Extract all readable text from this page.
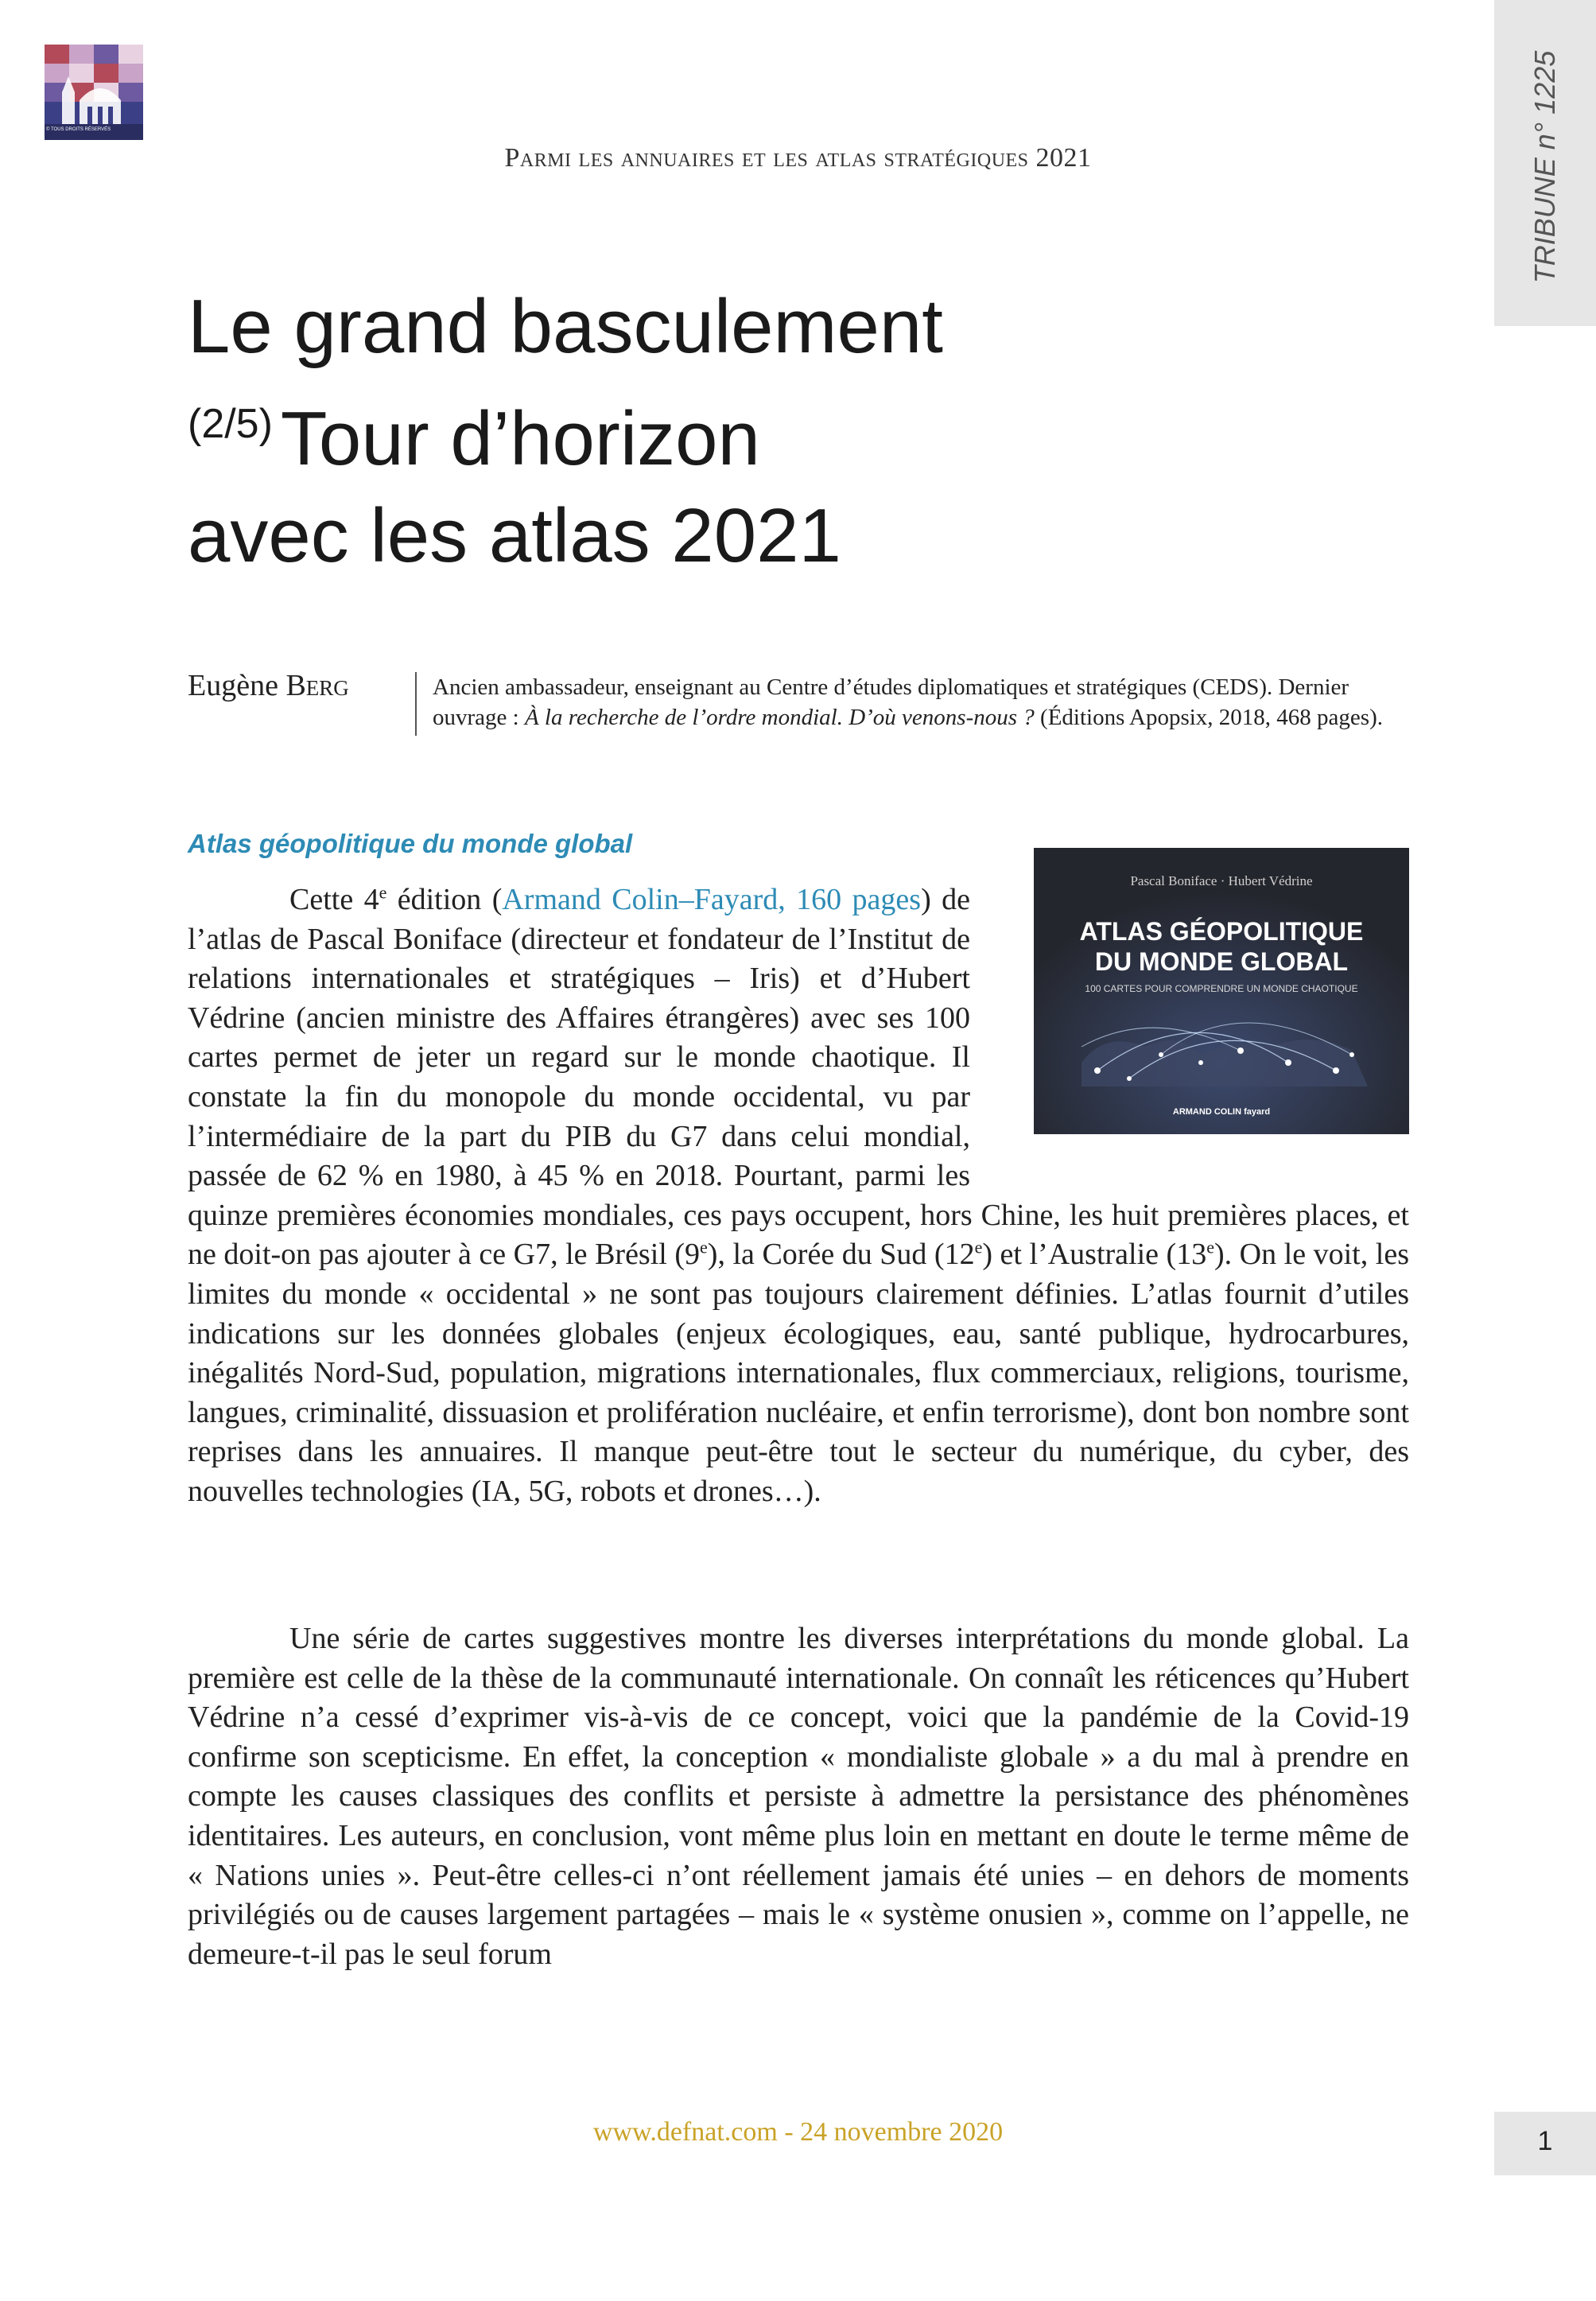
© TOUS DROITS RÉSERVÉS	TRIBUNE n° 1225
Parmi les annuaires et les atlas stratégiques 2021
Le grand basculement
$^{(2/5)}$ Tour d’horizon
avec les atlas 2021
Eugène Berg	Ancien ambassadeur, enseignant au Centre d’études diplomatiques et stratégiques (CEDS). Dernier ouvrage : À la recherche de l’ordre mondial. D’où venons-nous ? (Éditions Apopsix, 2018, 468 pages).
Atlas géopolitique du monde global
Pascal Boniface · Hubert Védrine
ATLAS GÉOPOLITIQUE
DU MONDE GLOBAL
100 CARTES POUR COMPRENDRE UN MONDE CHAOTIQUE
ARMAND COLIN fayard

Cette 4e édition (Armand Colin–Fayard, 160 pages) de l’atlas de Pascal Boniface (directeur et fondateur de l’Institut de relations internationales et stratégiques – Iris) et d’Hubert Védrine (ancien ministre des Affaires étrangères) avec ses 100 cartes permet de jeter un regard sur le monde chaotique. Il constate la fin du monopole du monde occidental, vu par l’intermédiaire de la part du PIB du G7 dans celui mondial, passée de 62 % en 1980, à 45 % en 2018. Pourtant, parmi les quinze premières économies mondiales, ces pays occupent, hors Chine, les huit premières places, et ne doit-on pas ajouter à ce G7, le Brésil (9e), la Corée du Sud (12e) et l’Australie (13e). On le voit, les limites du monde « occidental » ne sont pas toujours clairement définies. L’atlas fournit d’utiles indications sur les données globales (enjeux écologiques, eau, santé publique, hydrocarbures, inégalités Nord-Sud, population, migrations internationales, flux commerciaux, religions, tourisme, langues, criminalité, dissuasion et prolifération nucléaire, et enfin terrorisme), dont bon nombre sont reprises dans les annuaires. Il manque peut-être tout le secteur du numérique, du cyber, des nouvelles technologies (IA, 5G, robots et drones…).

Une série de cartes suggestives montre les diverses interprétations du monde global. La première est celle de la thèse de la communauté internationale. On connaît les réticences qu’Hubert Védrine n’a cessé d’exprimer vis-à-vis de ce concept, voici que la pandémie de la Covid-19 confirme son scepticisme. En effet, la conception « mondialiste globale » a du mal à prendre en compte les causes classiques des conflits et persiste à admettre la persistance des phénomènes identitaires. Les auteurs, en conclusion, vont même plus loin en mettant en doute le terme même de « Nations unies ». Peut-être celles-ci n’ont réellement jamais été unies – en dehors de moments privilégiés ou de causes largement partagées – mais le « système onusien », comme on l’appelle, ne demeure-t-il pas le seul forum

www.defnat.com - 24 novembre 2020	1
